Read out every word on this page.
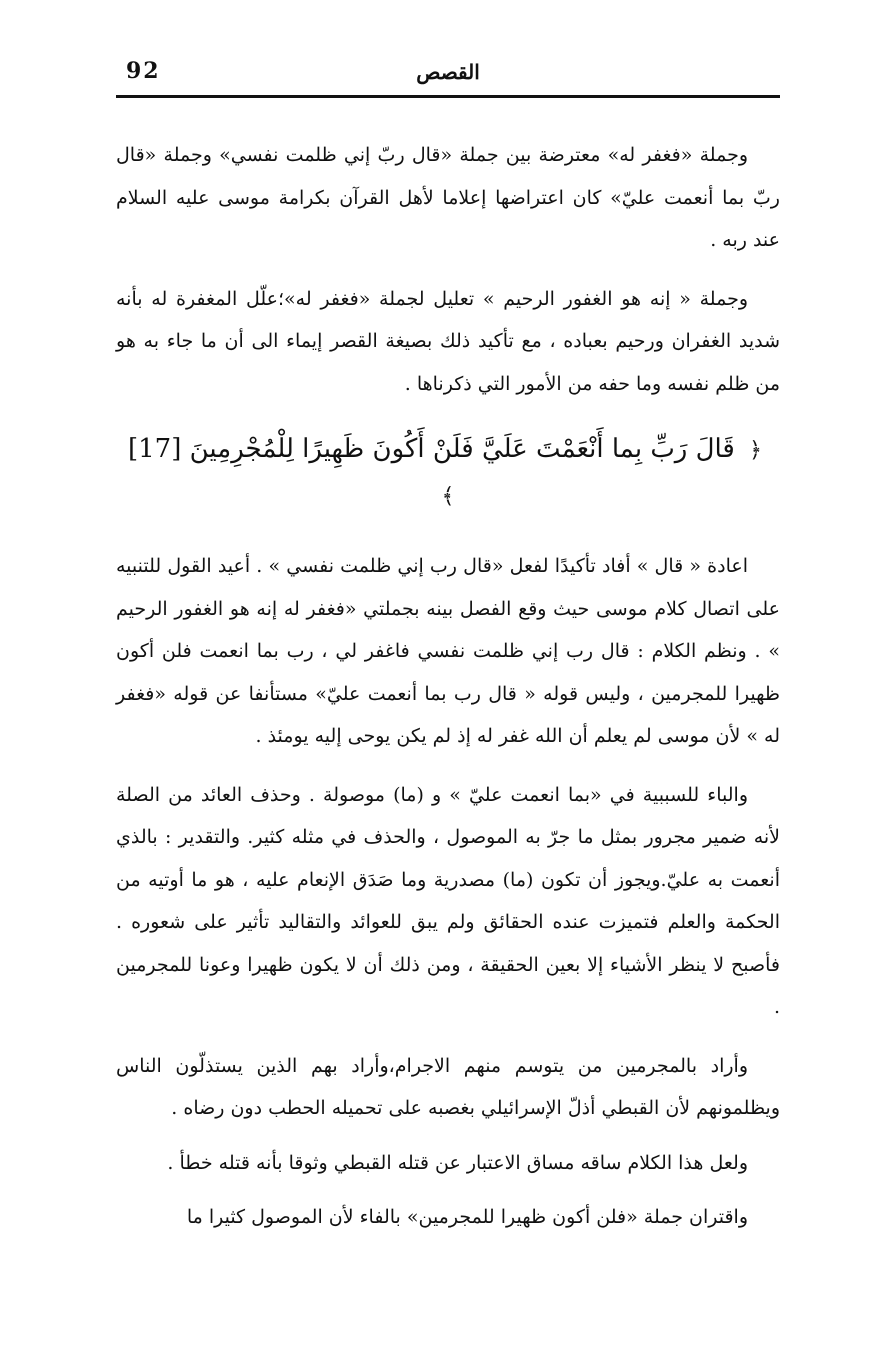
92	القصص

وجملة «فغفر له» معترضة بين جملة «قال ربّ إني ظلمت نفسي» وجملة «قال ربّ بما أنعمت عليّ» كان اعتراضها إعلاما لأهل القرآن بكرامة موسى عليه السلام عند ربه .

وجملة « إنه هو الغفور الرحيم » تعليل لجملة «فغفر له»؛علّل المغفرة له بأنه شديد الغفران ورحيم بعباده ، مع تأكيد ذلك بصيغة القصر إيماء الى أن ما جاء به هو من ظلم نفسه وما حفه من الأمور التي ذكرناها .

﴿ قَالَ رَبِّ بِما أَنْعَمْتَ عَلَيَّ فَلَنْ أَكُونَ ظَهِيرًا لِلْمُجْرِمِينَ [17] ﴾

اعادة « قال » أفاد تأكيدًا لفعل «قال رب إني ظلمت نفسي » . أعيد القول للتنبيه على اتصال كلام موسى حيث وقع الفصل بينه بجملتي «فغفر له إنه هو الغفور الرحيم » . ونظم الكلام : قال رب إني ظلمت نفسي فاغفر لي ، رب بما انعمت فلن أكون ظهيرا للمجرمين ، وليس قوله « قال رب بما أنعمت عليّ» مستأنفا عن قوله «فغفر له » لأن موسى لم يعلم أن الله غفر له إذ لم يكن يوحى إليه يومئذ .

والباء للسببية في «بما انعمت عليّ » و (ما) موصولة . وحذف العائد من الصلة لأنه ضمير مجرور بمثل ما جرّ به الموصول ، والحذف في مثله كثير. والتقدير : بالذي أنعمت به عليّ.ويجوز أن تكون (ما) مصدرية وما صَدَق الإنعام عليه ، هو ما أوتيه من الحكمة والعلم فتميزت عنده الحقائق ولم يبق للعوائد والتقاليد تأثير على شعوره . فأصبح لا ينظر الأشياء إلا بعين الحقيقة ، ومن ذلك أن لا يكون ظهيرا وعونا للمجرمين .

وأراد بالمجرمين من يتوسم منهم الاجرام،وأراد بهم الذين يستذلّون الناس ويظلمونهم لأن القبطي أذلّ الإسرائيلي بغصبه على تحميله الحطب دون رضاه .

ولعل هذا الكلام ساقه مساق الاعتبار عن قتله القبطي وثوقا بأنه قتله خطأ .

واقتران جملة «فلن أكون ظهيرا للمجرمين» بالفاء لأن الموصول كثيرا ما
